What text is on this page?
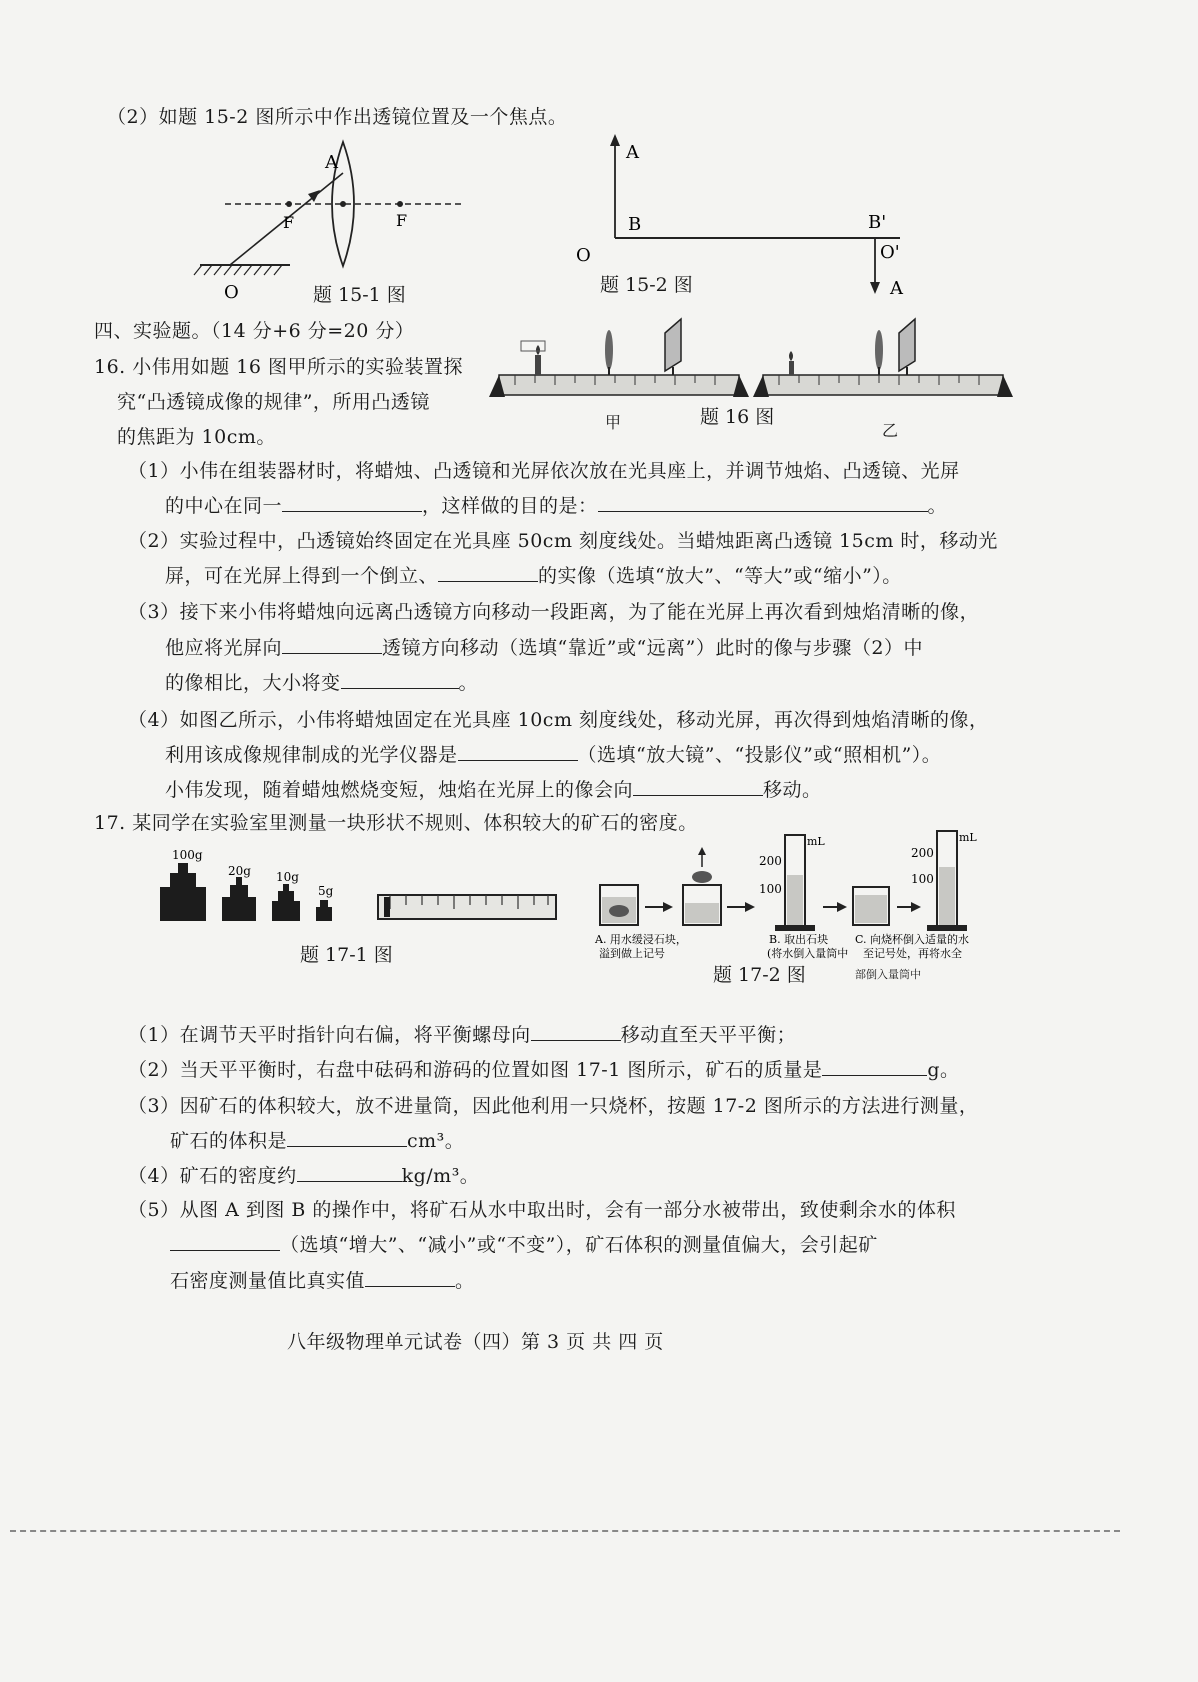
（2）如题 15-2 图所示中作出透镜位置及一个焦点。
A
F	F
O	题 15-1 图
A
B
O
B'
O'
A
题 15-2 图
四、实验题。（14 分+6 分=20 分）
16. 小伟用如题 16 图甲所示的实验装置探
究“凸透镜成像的规律”，所用凸透镜
的焦距为 10cm。
题 16 图
甲	乙
（1）小伟在组装器材时，将蜡烛、凸透镜和光屏依次放在光具座上，并调节烛焰、凸透镜、光屏
的中心在同一	，这样做的目的是：	。
（2）实验过程中，凸透镜始终固定在光具座 50cm 刻度线处。当蜡烛距离凸透镜 15cm 时，移动光
屏，可在光屏上得到一个倒立、	的实像（选填“放大”、“等大”或“缩小”）。
（3）接下来小伟将蜡烛向远离凸透镜方向移动一段距离，为了能在光屏上再次看到烛焰清晰的像，
他应将光屏向	透镜方向移动（选填“靠近”或“远离”）此时的像与步骤（2）中
的像相比，大小将变	。
（4）如图乙所示，小伟将蜡烛固定在光具座 10cm 刻度线处，移动光屏，再次得到烛焰清晰的像，
利用该成像规律制成的光学仪器是	（选填“放大镜”、“投影仪”或“照相机”）。
小伟发现，随着蜡烛燃烧变短，烛焰在光屏上的像会向	移动。
17. 某同学在实验室里测量一块形状不规则、体积较大的矿石的密度。
100g
20g 10g
5g
题 17-1 图
200
100
mL
200
100
mL
A. 用水缓浸石块，
溢到做上记号
B. 取出石块
(将水倒入量筒中
C. 向烧杯倒入适量的水
至记号处，再将水全
部倒入量筒中
题 17-2 图
（1）在调节天平时指针向右偏，将平衡螺母向	移动直至天平平衡；
（2）当天平平衡时，右盘中砝码和游码的位置如图 17-1 图所示，矿石的质量是	g。
（3）因矿石的体积较大，放不进量筒，因此他利用一只烧杯，按题 17-2 图所示的方法进行测量，
矿石的体积是	cm³。
（4）矿石的密度约	kg/m³。
（5）从图 A 到图 B 的操作中，将矿石从水中取出时，会有一部分水被带出，致使剩余水的体积
（选填“增大”、“减小”或“不变”），矿石体积的测量值偏大，会引起矿
石密度测量值比真实值	。
八年级物理单元试卷（四）第 3 页 共 四 页
